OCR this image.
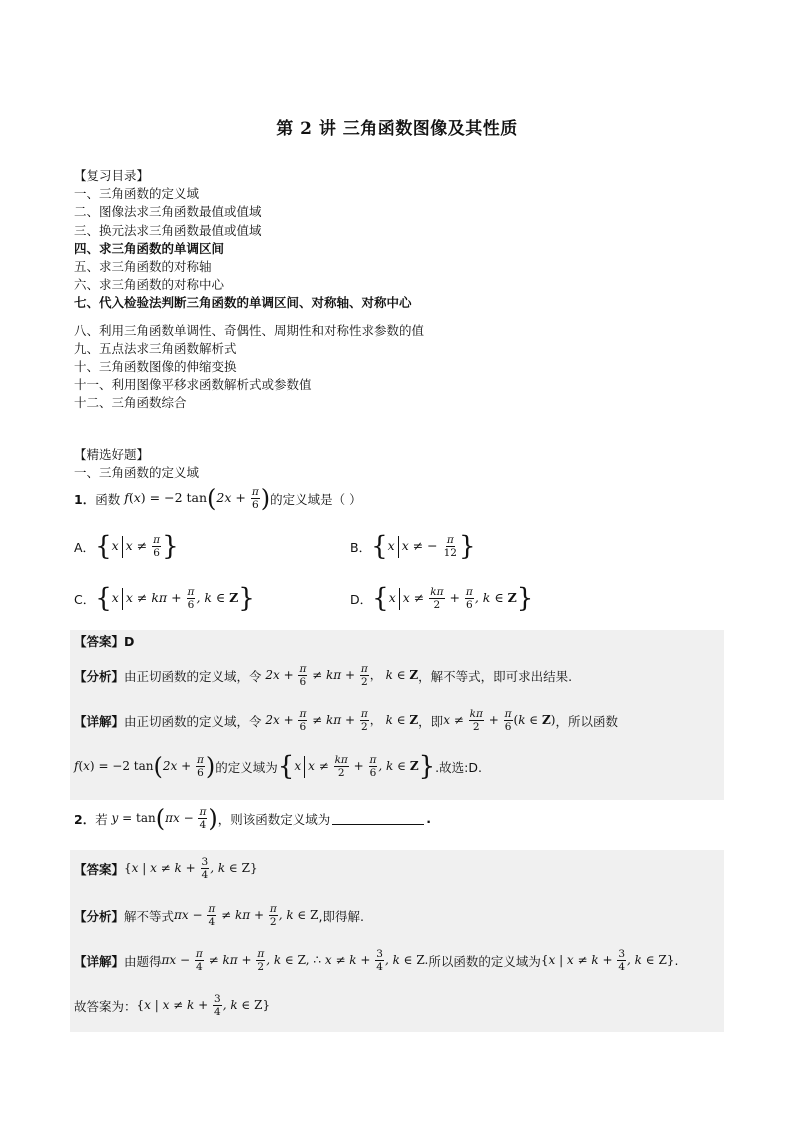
第 2 讲 三角函数图像及其性质
【复习目录】
一、三角函数的定义域
二、图像法求三角函数最值或值域
三、换元法求三角函数最值或值域
四、求三角函数的单调区间
五、求三角函数的对称轴
六、求三角函数的对称中心
七、代入检验法判断三角函数的单调区间、对称轴、对称中心
八、利用三角函数单调性、奇偶性、周期性和对称性求参数的值
九、五点法求三角函数解析式
十、三角函数图像的伸缩变换
十一、利用图像平移求函数解析式或参数值
十二、三角函数综合
【精选好题】
一、三角函数的定义域
1． 函数 f(x) = −2 $\tan(2x + \frac{\pi}{6}$ ) 的定义域是（ ）
A． {x $x \ne \frac{\pi}{6}$ }	B． {x x ≠ − $\frac{\pi}{12}$ }
C． {x $x \ne k\pi + \frac{\pi}{6}$ , k ∈ Z}	D． {x $x \ne \frac{k\pi}{2} + \frac{\pi}{6}$ , k ∈ Z}
【答案】 D
【分析】 由正切函数的定义域，令 $2x + \frac{\pi}{6} \ne k\pi + \frac{\pi}{2}$ ， k ∈ Z ，解不等式，即可求出结果.
【详解】 由正切函数的定义域，令 $2x + \frac{\pi}{6} \ne k\pi + \frac{\pi}{2}$ ， k ∈ Z ，即 $x \ne \frac{k\pi}{2} + \frac{\pi}{6} (k$ ∈ Z) ，所以函数
f(x) = −2 $\tan(2x + \frac{\pi}{6}$ ) 的定义域为 {x $x \ne \frac{k\pi}{2} + \frac{\pi}{6}$ , k ∈ Z} .故选:D.
2． 若 $y = \tan(\pi x - \frac{\pi}{4}$ ) ，则该函数定义域为	.
【答案】 {x | $x \ne k + \frac{3}{4}$ , k ∈ Z}
【分析】 解不等式 $\pi x - \frac{\pi}{4} \ne k\pi + \frac{\pi}{2}$ , k ∈ Z ,即得解.
【详解】 由题得 $\pi x - \frac{\pi}{4} \ne k\pi + \frac{\pi}{2}$ , k ∈ Z, ∴ $x \ne k + \frac{3}{4}$ , k ∈ Z. 所以函数的定义域为 {x | $x \ne k + \frac{3}{4}$ , k ∈ Z} .
故答案为： {x | $x \ne k + \frac{3}{4}$ , k ∈ Z}
